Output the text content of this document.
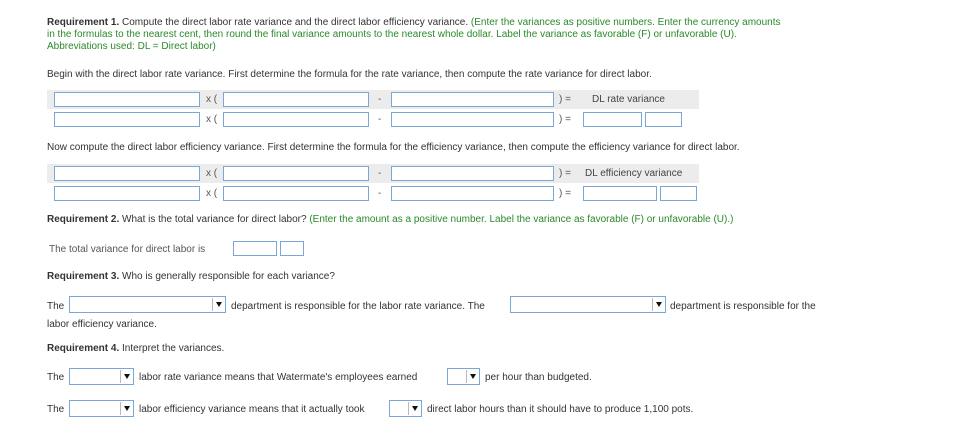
Requirement 1. Compute the direct labor rate variance and the direct labor efficiency variance. (Enter the variances as positive numbers. Enter the currency amounts
in the formulas to the nearest cent, then round the final variance amounts to the nearest whole dollar. Label the variance as favorable (F) or unfavorable (U).
Abbreviations used: DL = Direct labor)
Begin with the direct labor rate variance. First determine the formula for the rate variance, then compute the rate variance for direct labor.
x (	-	) = DL rate variance
x (	-	) =
Now compute the direct labor efficiency variance. First determine the formula for the efficiency variance, then compute the efficiency variance for direct labor.
x (	-	) = DL efficiency variance
x (	-	) =
Requirement 2. What is the total variance for direct labor? (Enter the amount as a positive number. Label the variance as favorable (F) or unfavorable (U).)
The total variance for direct labor is
Requirement 3. Who is generally responsible for each variance?
The	department is responsible for the labor rate variance. The	department is responsible for the
labor efficiency variance.
Requirement 4. Interpret the variances.
The	labor rate variance means that Watermate's employees earned	per hour than budgeted.
The	labor efficiency variance means that it actually took	direct labor hours than it should have to produce 1,100 pots.
